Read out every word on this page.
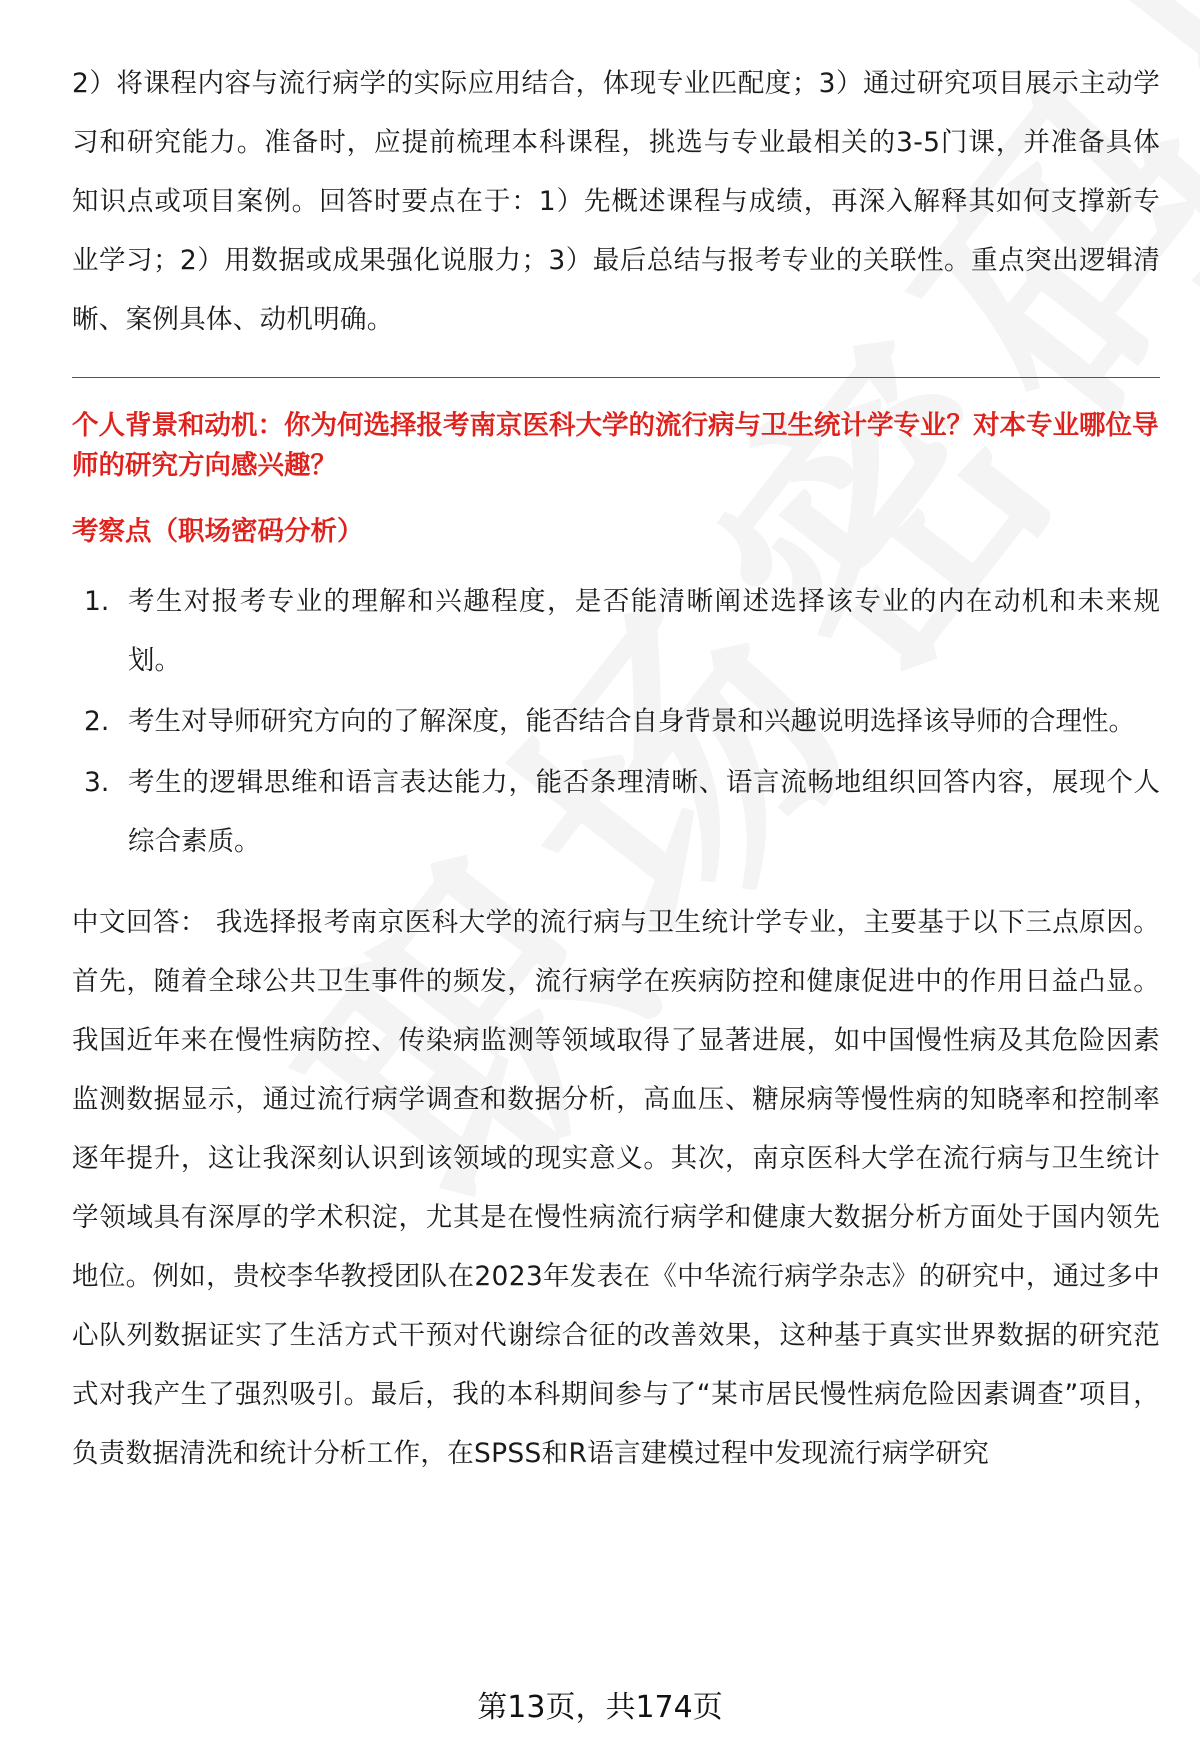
2）将课程内容与流行病学的实际应用结合，体现专业匹配度；3）通过研究项目展示主动学习和研究能力。准备时，应提前梳理本科课程，挑选与专业最相关的3-5门课，并准备具体知识点或项目案例。回答时要点在于：1）先概述课程与成绩，再深入解释其如何支撑新专业学习；2）用数据或成果强化说服力；3）最后总结与报考专业的关联性。重点突出逻辑清晰、案例具体、动机明确。

个人背景和动机：你为何选择报考南京医科大学的流行病与卫生统计学专业？对本专业哪位导师的研究方向感兴趣？
考察点（职场密码分析）
1. 考生对报考专业的理解和兴趣程度，是否能清晰阐述选择该专业的内在动机和未来规划。
2. 考生对导师研究方向的了解深度，能否结合自身背景和兴趣说明选择该导师的合理性。
3. 考生的逻辑思维和语言表达能力，能否条理清晰、语言流畅地组织回答内容，展现个人综合素质。

中文回答： 我选择报考南京医科大学的流行病与卫生统计学专业，主要基于以下三点原因。首先，随着全球公共卫生事件的频发，流行病学在疾病防控和健康促进中的作用日益凸显。我国近年来在慢性病防控、传染病监测等领域取得了显著进展，如中国慢性病及其危险因素监测数据显示，通过流行病学调查和数据分析，高血压、糖尿病等慢性病的知晓率和控制率逐年提升，这让我深刻认识到该领域的现实意义。其次，南京医科大学在流行病与卫生统计学领域具有深厚的学术积淀，尤其是在慢性病流行病学和健康大数据分析方面处于国内领先地位。例如，贵校李华教授团队在2023年发表在《中华流行病学杂志》的研究中，通过多中心队列数据证实了生活方式干预对代谢综合征的改善效果，这种基于真实世界数据的研究范式对我产生了强烈吸引。最后，我的本科期间参与了“某市居民慢性病危险因素调查”项目，负责数据清洗和统计分析工作，在SPSS和R语言建模过程中发现流行病学研究

第13页，共174页
